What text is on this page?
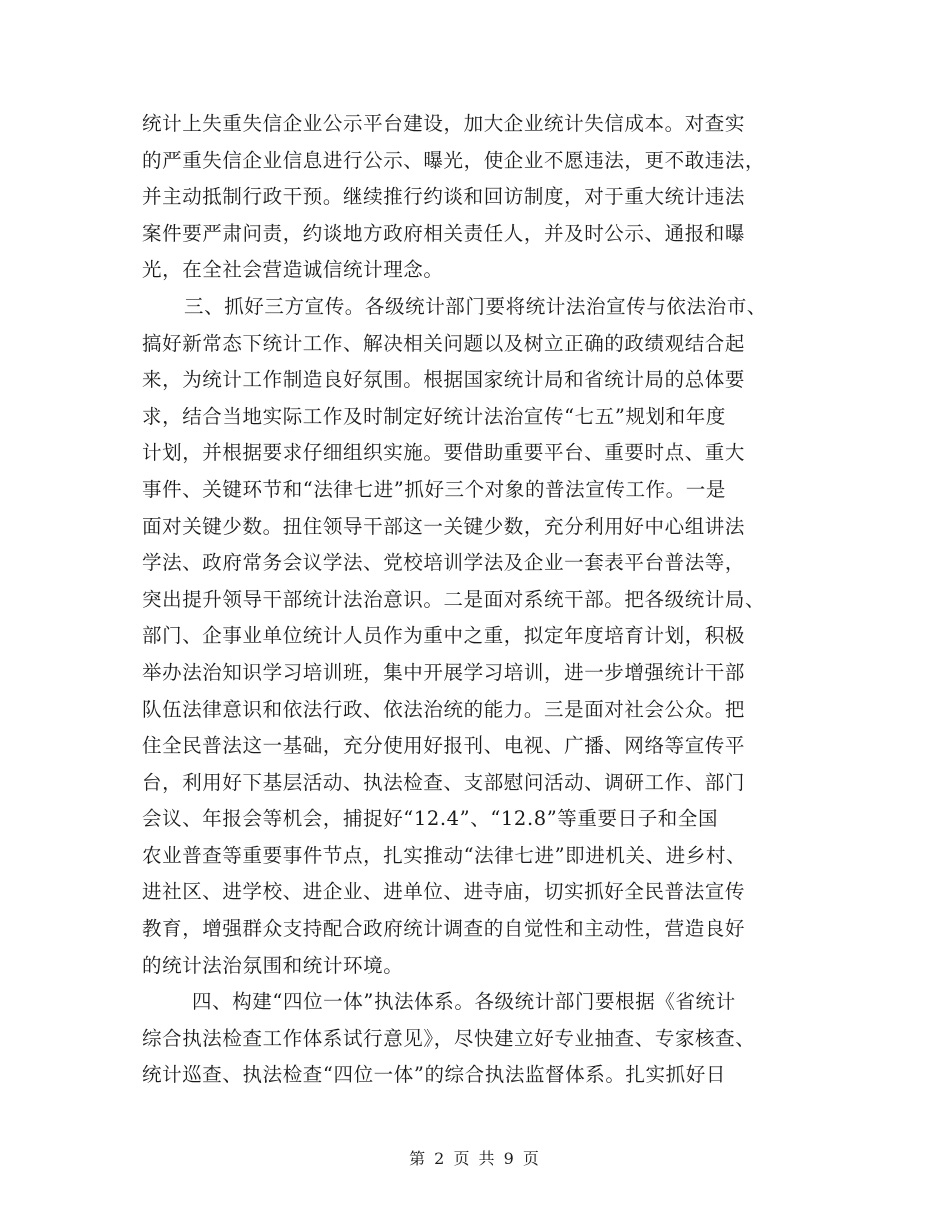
统计上失重失信企业公示平台建设，加大企业统计失信成本。对查实
的严重失信企业信息进行公示、曝光，使企业不愿违法，更不敢违法，
并主动抵制行政干预。继续推行约谈和回访制度，对于重大统计违法
案件要严肃问责，约谈地方政府相关责任人，并及时公示、通报和曝
光，在全社会营造诚信统计理念。
三、抓好三方宣传。各级统计部门要将统计法治宣传与依法治市、
搞好新常态下统计工作、解决相关问题以及树立正确的政绩观结合起
来，为统计工作制造良好氛围。根据国家统计局和省统计局的总体要
求，结合当地实际工作及时制定好统计法治宣传“七五”规划和年度
计划，并根据要求仔细组织实施。要借助重要平台、重要时点、重大
事件、关键环节和“法律七进”抓好三个对象的普法宣传工作。一是
面对关键少数。扭住领导干部这一关键少数，充分利用好中心组讲法
学法、政府常务会议学法、党校培训学法及企业一套表平台普法等，
突出提升领导干部统计法治意识。二是面对系统干部。把各级统计局、
部门、企事业单位统计人员作为重中之重，拟定年度培育计划，积极
举办法治知识学习培训班，集中开展学习培训，进一步增强统计干部
队伍法律意识和依法行政、依法治统的能力。三是面对社会公众。把
住全民普法这一基础，充分使用好报刊、电视、广播、网络等宣传平
台，利用好下基层活动、执法检查、支部慰问活动、调研工作、部门
会议、年报会等机会，捕捉好“12.4”、“12.8”等重要日子和全国
农业普查等重要事件节点，扎实推动“法律七进”即进机关、进乡村、
进社区、进学校、进企业、进单位、进寺庙，切实抓好全民普法宣传
教育，增强群众支持配合政府统计调查的自觉性和主动性，营造良好
的统计法治氛围和统计环境。
四、构建“四位一体”执法体系。各级统计部门要根据《省统计
综合执法检查工作体系试行意见》，尽快建立好专业抽查、专家核查、
统计巡查、执法检查“四位一体”的综合执法监督体系。扎实抓好日
第 2 页 共 9 页
